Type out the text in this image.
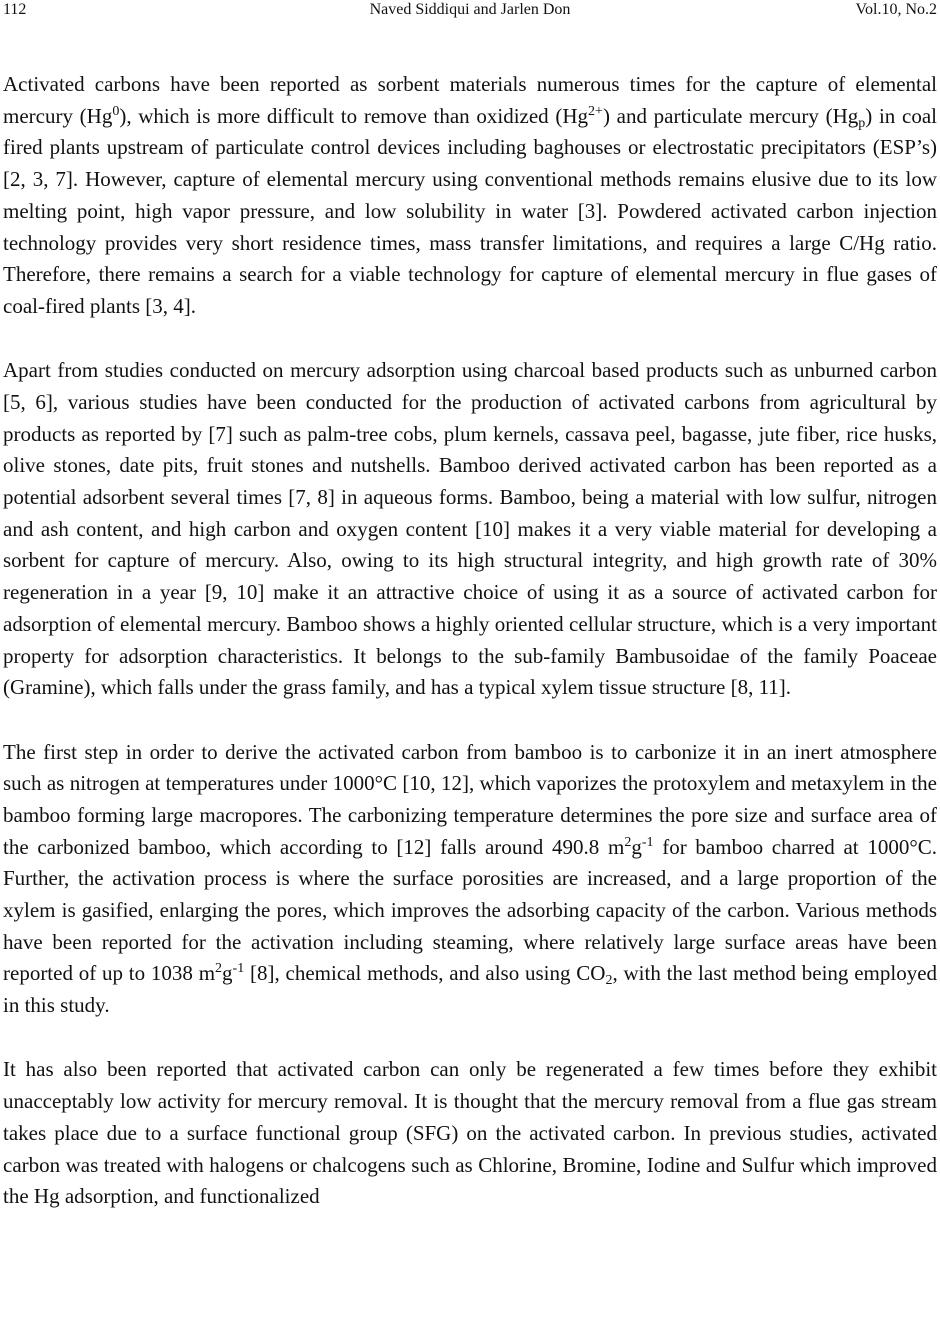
112	Naved Siddiqui and Jarlen Don	Vol.10, No.2

Activated carbons have been reported as sorbent materials numerous times for the capture of elemental mercury (Hg$^0$), which is more difficult to remove than oxidized $(Hg^{2+})$ and particulate mercury $(Hg_p)$ in coal fired plants upstream of particulate control devices including baghouses or electrostatic precipitators (ESP’s) [2, 3, 7]. However, capture of elemental mercury using conventional methods remains elusive due to its low melting point, high vapor pressure, and low solubility in water [3]. Powdered activated carbon injection technology provides very short residence times, mass transfer limitations, and requires a large C/Hg ratio. Therefore, there remains a search for a viable technology for capture of elemental mercury in flue gases of coal-fired plants [3, 4].

Apart from studies conducted on mercury adsorption using charcoal based products such as unburned carbon [5, 6], various studies have been conducted for the production of activated carbons from agricultural by products as reported by [7] such as palm-tree cobs, plum kernels, cassava peel, bagasse, jute fiber, rice husks, olive stones, date pits, fruit stones and nutshells. Bamboo derived activated carbon has been reported as a potential adsorbent several times [7, 8] in aqueous forms. Bamboo, being a material with low sulfur, nitrogen and ash content, and high carbon and oxygen content [10] makes it a very viable material for developing a sorbent for capture of mercury. Also, owing to its high structural integrity, and high growth rate of 30% regeneration in a year [9, 10] make it an attractive choice of using it as a source of activated carbon for adsorption of elemental mercury. Bamboo shows a highly oriented cellular structure, which is a very important property for adsorption characteristics. It belongs to the sub-family Bambusoidae of the family Poaceae (Gramine), which falls under the grass family, and has a typical xylem tissue structure [8, 11].

The first step in order to derive the activated carbon from bamboo is to carbonize it in an inert atmosphere such as nitrogen at temperatures under 1000°C [10, 12], which vaporizes the protoxylem and metaxylem in the bamboo forming large macropores. The carbonizing temperature determines the pore size and surface area of the carbonized bamboo, which according to [12] falls around 490.8 $m^2g^{-1}$ for bamboo charred at 1000°C. Further, the activation process is where the surface porosities are increased, and a large proportion of the xylem is gasified, enlarging the pores, which improves the adsorbing capacity of the carbon. Various methods have been reported for the activation including steaming, where relatively large surface areas have been reported of up to 1038 $m^2g^{-1}$ [8], chemical methods, and also using $CO_2$, with the last method being employed in this study.

It has also been reported that activated carbon can only be regenerated a few times before they exhibit unacceptably low activity for mercury removal. It is thought that the mercury removal from a flue gas stream takes place due to a surface functional group (SFG) on the activated carbon. In previous studies, activated carbon was treated with halogens or chalcogens such as Chlorine, Bromine, Iodine and Sulfur which improved the Hg adsorption, and functionalized
